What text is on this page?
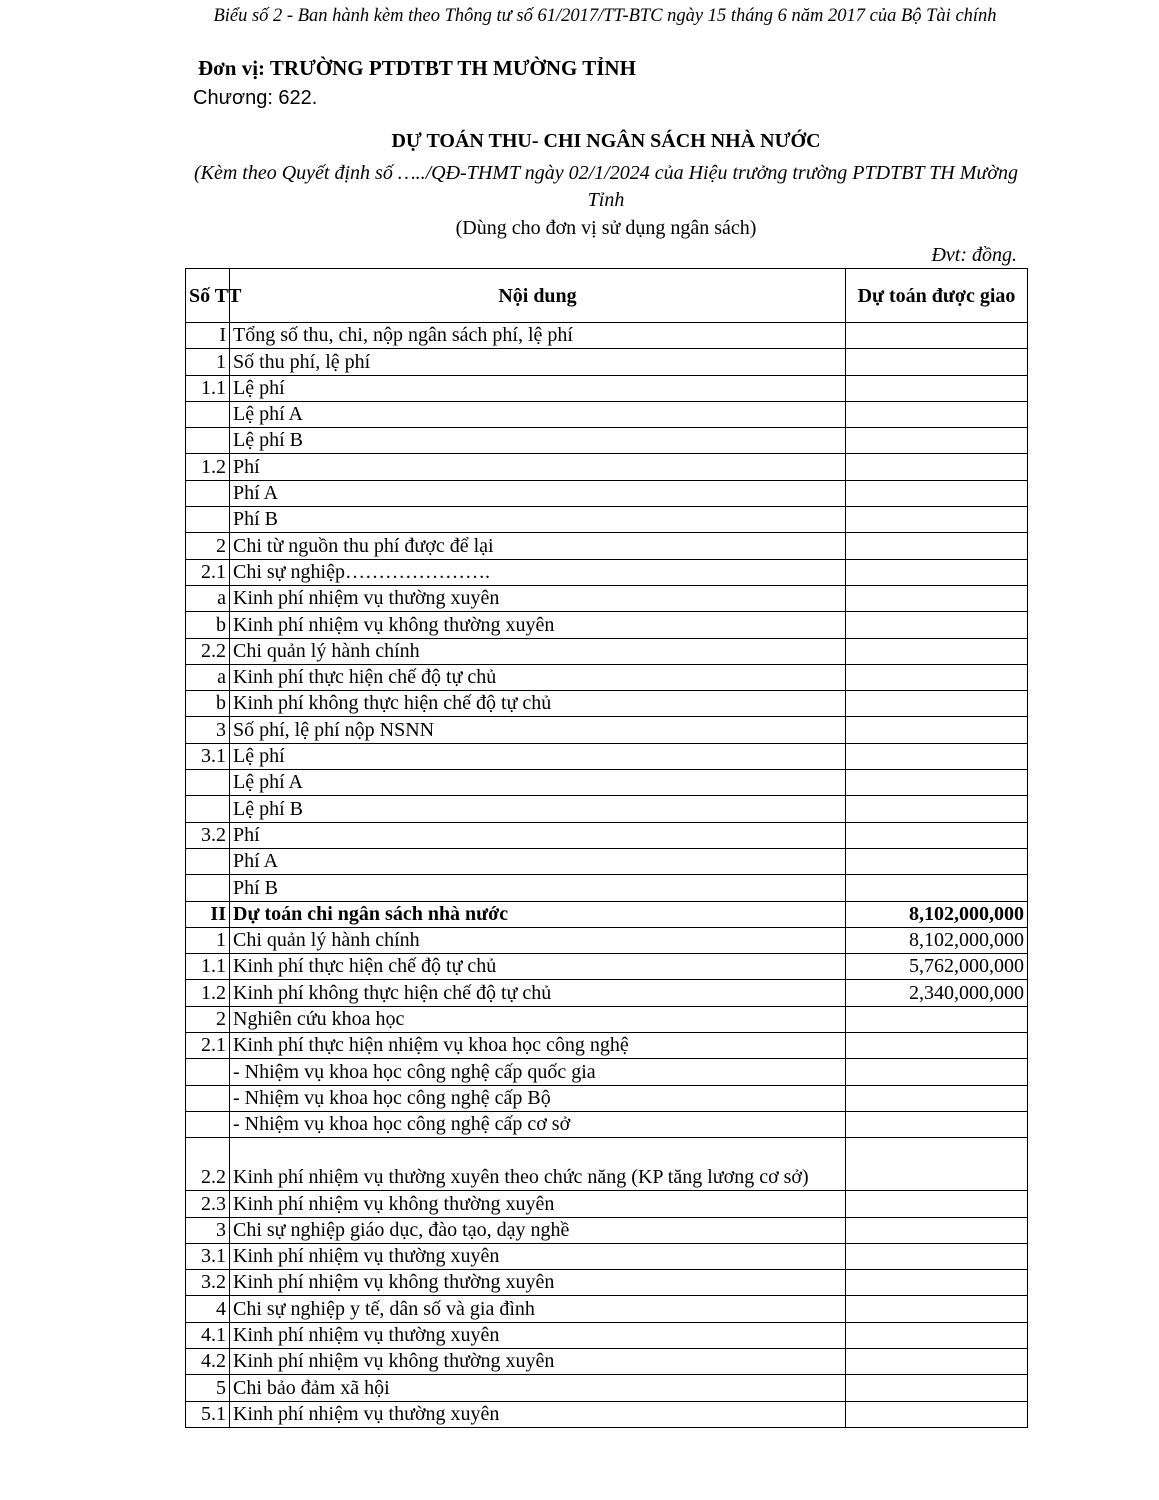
Biểu số 2 - Ban hành kèm theo Thông tư số 61/2017/TT-BTC ngày 15 tháng 6 năm 2017 của Bộ Tài chính
Đơn vị: TRƯỜNG PTDTBT TH MƯỜNG TỈNH
Chương: 622.
DỰ TOÁN THU- CHI NGÂN SÁCH NHÀ NƯỚC
(Kèm theo Quyết định số …../QĐ-THMT ngày 02/1/2024 của Hiệu trưởng trường PTDTBT TH Mường Tỉnh
(Dùng cho đơn vị sử dụng ngân sách)
Đvt: đồng.
Số TT	Nội dung	Dự toán được giao
I	Tổng số thu, chi, nộp ngân sách phí, lệ phí	
1	Số thu phí, lệ phí	
1.1	Lệ phí	
	Lệ phí A	
	Lệ phí B	
1.2	Phí	
	Phí A	
	Phí B	
2	Chi từ nguồn thu phí được để lại	
2.1	Chi sự nghiệp………………….	
a	Kinh phí nhiệm vụ thường xuyên	
b	Kinh phí nhiệm vụ không thường xuyên	
2.2	Chi quản lý hành chính	
a	Kinh phí thực hiện chế độ tự chủ	
b	Kinh phí không thực hiện chế độ tự chủ	
3	Số phí, lệ phí nộp NSNN	
3.1	Lệ phí	
	Lệ phí A	
	Lệ phí B	
3.2	Phí	
	Phí A	
	Phí B	
II	Dự toán chi ngân sách nhà nước	8,102,000,000
1	Chi quản lý hành chính	8,102,000,000
1.1	Kinh phí thực hiện chế độ tự chủ	5,762,000,000
1.2	Kinh phí không thực hiện chế độ tự chủ	2,340,000,000
2	Nghiên cứu khoa học	
2.1	Kinh phí thực hiện nhiệm vụ khoa học công nghệ	
	- Nhiệm vụ khoa học công nghệ cấp quốc gia	
	- Nhiệm vụ khoa học công nghệ cấp Bộ	
	- Nhiệm vụ khoa học công nghệ cấp cơ sở	
2.2	Kinh phí nhiệm vụ thường xuyên theo chức năng (KP tăng lương cơ sở)	
2.3	Kinh phí nhiệm vụ không thường xuyên	
3	Chi sự nghiệp giáo dục, đào tạo, dạy nghề	
3.1	Kinh phí nhiệm vụ thường xuyên	
3.2	Kinh phí nhiệm vụ không thường xuyên	
4	Chi sự nghiệp y tế, dân số và gia đình	
4.1	Kinh phí nhiệm vụ thường xuyên	
4.2	Kinh phí nhiệm vụ không thường xuyên	
5	Chi bảo đảm xã hội	
5.1	Kinh phí nhiệm vụ thường xuyên	
